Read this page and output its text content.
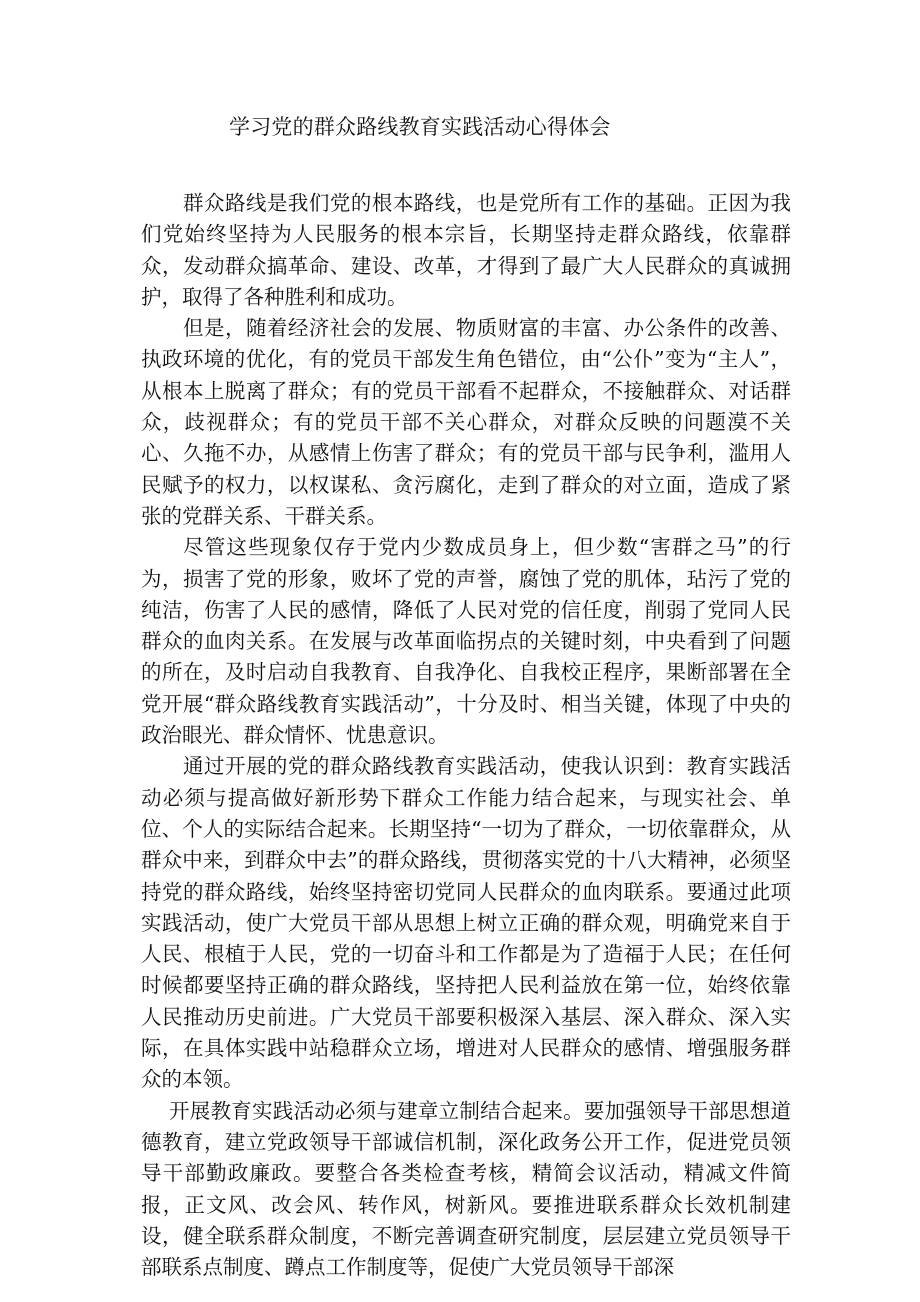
学习党的群众路线教育实践活动心得体会

群众路线是我们党的根本路线，也是党所有工作的基础。正因为我们党始终坚持为人民服务的根本宗旨，长期坚持走群众路线，依靠群众，发动群众搞革命、建设、改革，才得到了最广大人民群众的真诚拥护，取得了各种胜利和成功。

但是，随着经济社会的发展、物质财富的丰富、办公条件的改善、执政环境的优化，有的党员干部发生角色错位，由“公仆”变为“主人”，从根本上脱离了群众；有的党员干部看不起群众，不接触群众、对话群众，歧视群众；有的党员干部不关心群众，对群众反映的问题漠不关心、久拖不办，从感情上伤害了群众；有的党员干部与民争利，滥用人民赋予的权力，以权谋私、贪污腐化，走到了群众的对立面，造成了紧张的党群关系、干群关系。

尽管这些现象仅存于党内少数成员身上，但少数“害群之马”的行为，损害了党的形象，败坏了党的声誉，腐蚀了党的肌体，玷污了党的纯洁，伤害了人民的感情，降低了人民对党的信任度，削弱了党同人民群众的血肉关系。在发展与改革面临拐点的关键时刻，中央看到了问题的所在，及时启动自我教育、自我净化、自我校正程序，果断部署在全党开展“群众路线教育实践活动”，十分及时、相当关键，体现了中央的政治眼光、群众情怀、忧患意识。

通过开展的党的群众路线教育实践活动，使我认识到：教育实践活动必须与提高做好新形势下群众工作能力结合起来，与现实社会、单位、个人的实际结合起来。长期坚持“一切为了群众，一切依靠群众，从群众中来，到群众中去”的群众路线，贯彻落实党的十八大精神，必须坚持党的群众路线，始终坚持密切党同人民群众的血肉联系。要通过此项实践活动，使广大党员干部从思想上树立正确的群众观，明确党来自于人民、根植于人民，党的一切奋斗和工作都是为了造福于人民；在任何时候都要坚持正确的群众路线，坚持把人民利益放在第一位，始终依靠人民推动历史前进。广大党员干部要积极深入基层、深入群众、深入实际，在具体实践中站稳群众立场，增进对人民群众的感情、增强服务群众的本领。

开展教育实践活动必须与建章立制结合起来。要加强领导干部思想道德教育，建立党政领导干部诚信机制，深化政务公开工作，促进党员领导干部勤政廉政。要整合各类检查考核，精简会议活动，精减文件简报，正文风、改会风、转作风，树新风。要推进联系群众长效机制建设，健全联系群众制度，不断完善调查研究制度，层层建立党员领导干部联系点制度、蹲点工作制度等，促使广大党员领导干部深
